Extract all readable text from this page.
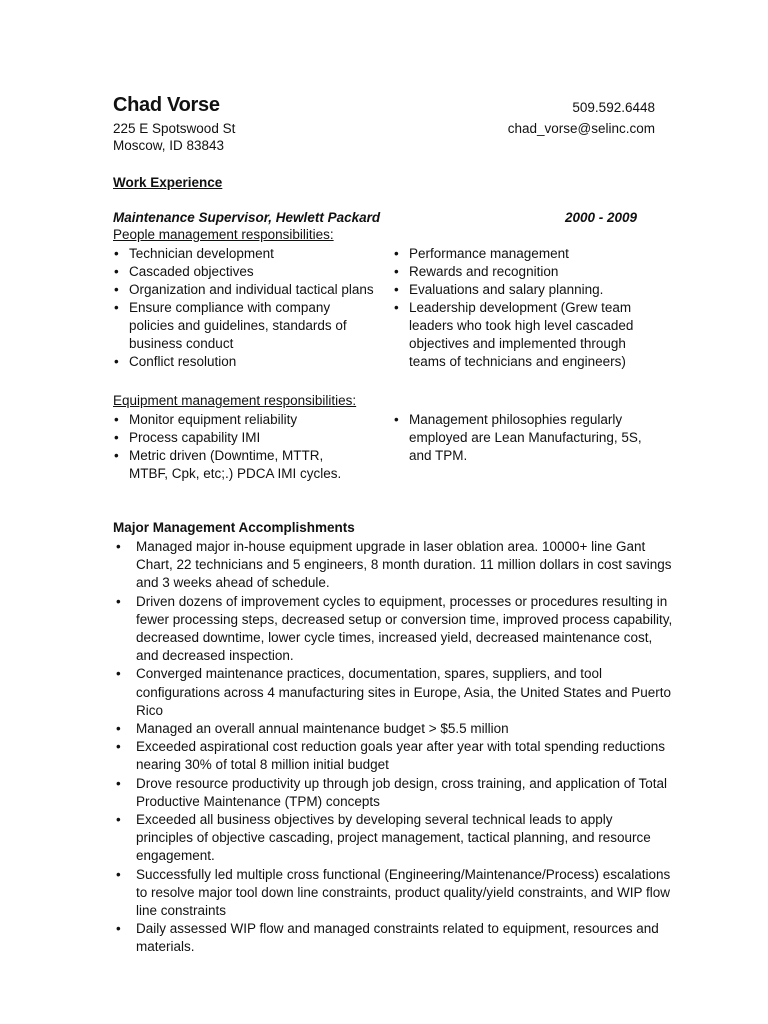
Chad Vorse	509.592.6448
225 E Spotswood St	chad_vorse@selinc.com
Moscow, ID 83843
Work Experience
Maintenance Supervisor, Hewlett Packard	2000 - 2009
People management responsibilities:
• Technician development
• Cascaded objectives
• Organization and individual tactical plans
• Ensure compliance with company policies and guidelines, standards of business conduct
• Conflict resolution
• Performance management
• Rewards and recognition
• Evaluations and salary planning.
• Leadership development (Grew team leaders who took high level cascaded objectives and implemented through teams of technicians and engineers)
Equipment management responsibilities:
• Monitor equipment reliability
• Process capability IMI
• Metric driven (Downtime, MTTR, MTBF, Cpk, etc;.) PDCA IMI cycles.
• Management philosophies regularly employed are Lean Manufacturing, 5S, and TPM.
Major Management Accomplishments
• Managed major in-house equipment upgrade in laser oblation area. 10000+ line Gant Chart, 22 technicians and 5 engineers, 8 month duration. 11 million dollars in cost savings and 3 weeks ahead of schedule.
• Driven dozens of improvement cycles to equipment, processes or procedures resulting in fewer processing steps, decreased setup or conversion time, improved process capability, decreased downtime, lower cycle times, increased yield, decreased maintenance cost, and decreased inspection.
• Converged maintenance practices, documentation, spares, suppliers, and tool configurations across 4 manufacturing sites in Europe, Asia, the United States and Puerto Rico
• Managed an overall annual maintenance budget > $5.5 million
• Exceeded aspirational cost reduction goals year after year with total spending reductions nearing 30% of total 8 million initial budget
• Drove resource productivity up through job design, cross training, and application of Total Productive Maintenance (TPM) concepts
• Exceeded all business objectives by developing several technical leads to apply principles of objective cascading, project management, tactical planning, and resource engagement.
• Successfully led multiple cross functional (Engineering/Maintenance/Process) escalations to resolve major tool down line constraints, product quality/yield constraints, and WIP flow line constraints
• Daily assessed WIP flow and managed constraints related to equipment, resources and materials.
